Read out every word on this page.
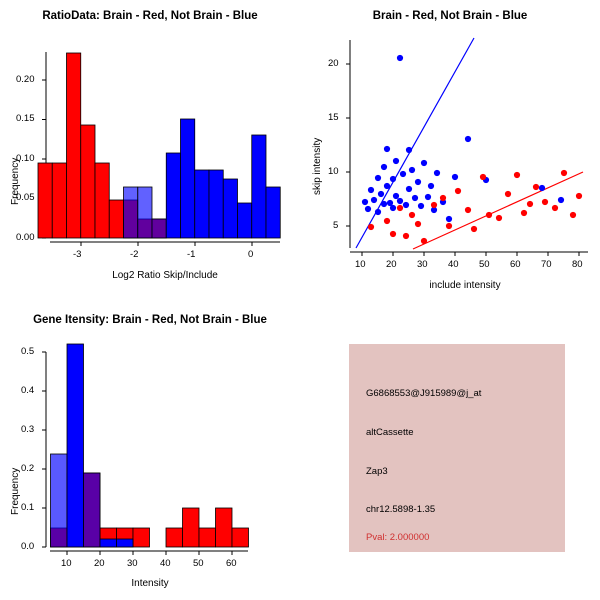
RatioData: Brain - Red, Not Brain - Blue
Frequency
0.00
0.05
0.10
0.15
0.20
-3	-2	-1	0
Log2 Ratio Skip/Include
Brain - Red, Not Brain - Blue
skip intensity
5
10
15
20
10 20 30 40 50 60 70 80
include intensity
Gene Itensity: Brain - Red, Not Brain - Blue
Frequency
0.0
0.1
0.2
0.3
0.4
0.5
10 20 30 40 50 60
Intensity
G6868553@J915989@j_at
altCassette
Zap3
chr12.5898-1.35
Pval: 2.000000
